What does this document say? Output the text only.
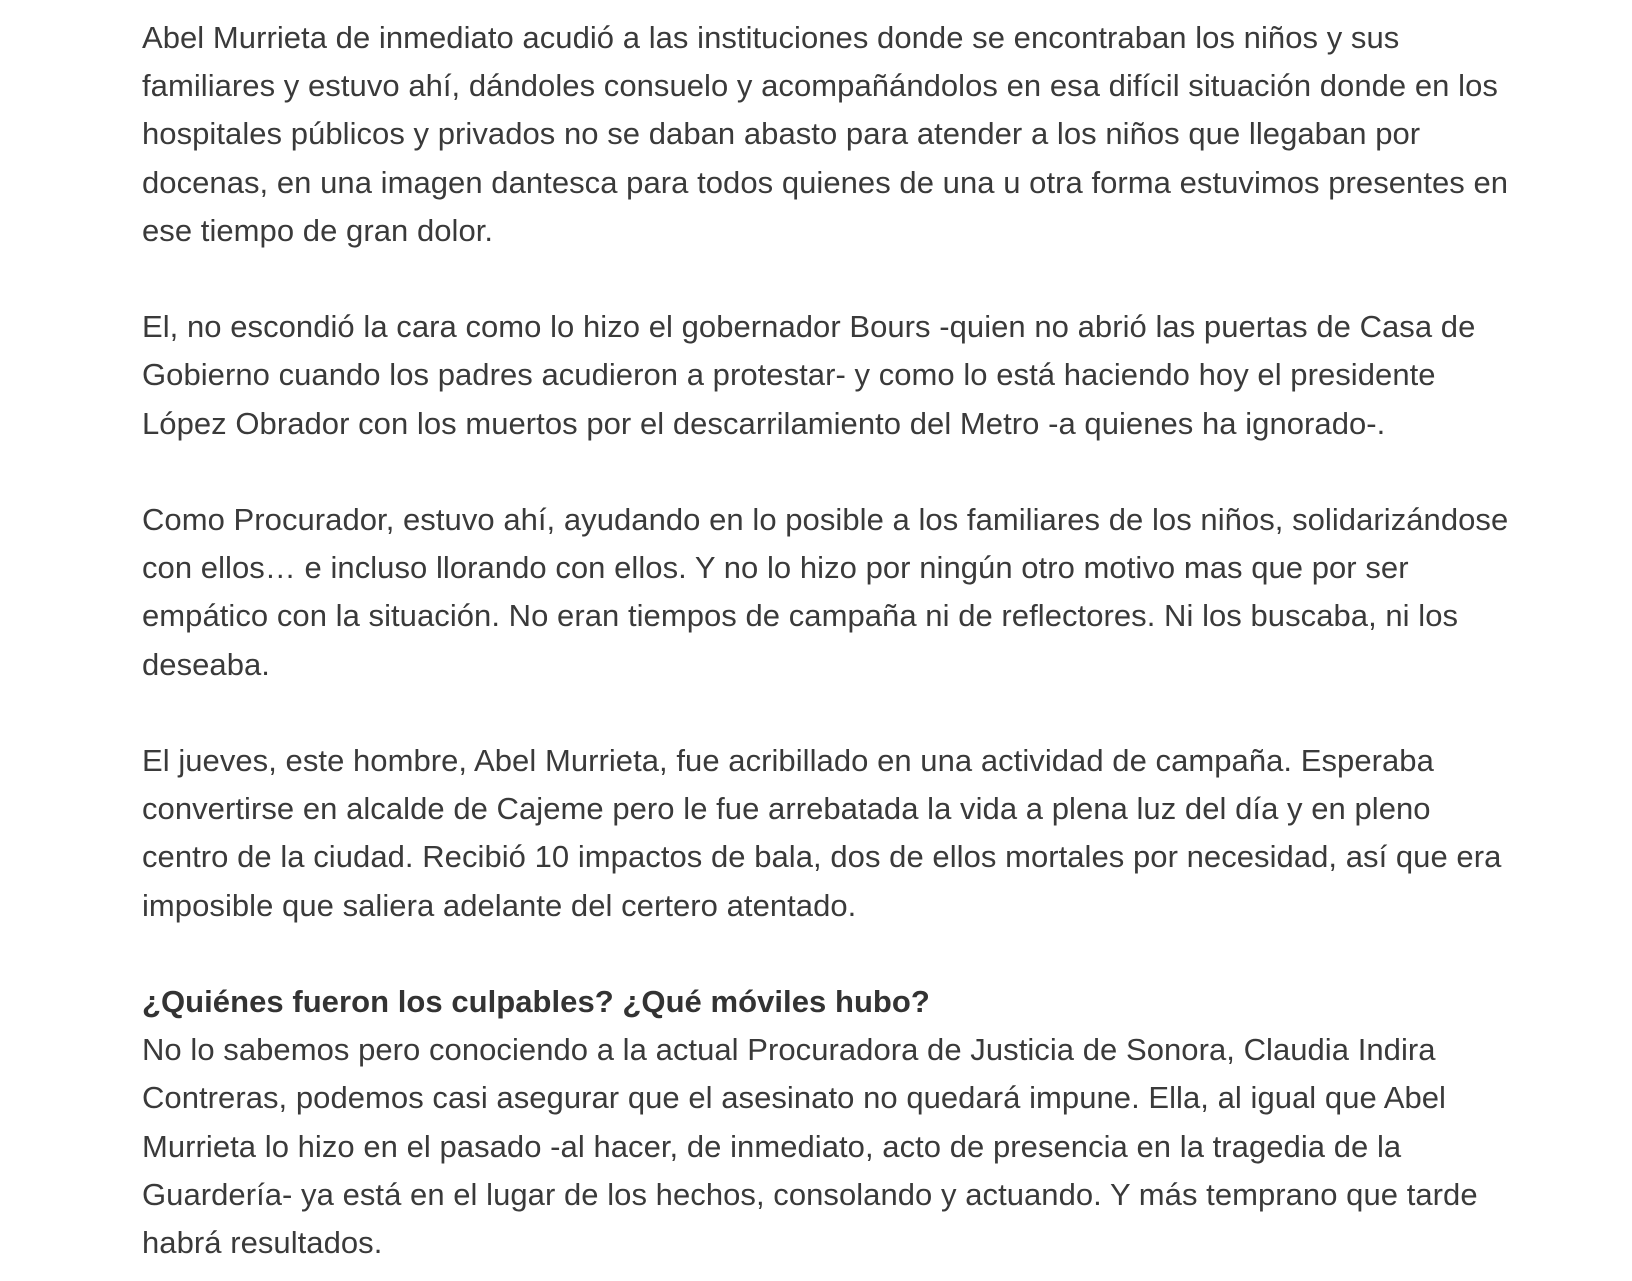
Abel Murrieta de inmediato acudió a las instituciones donde se encontraban los niños y sus familiares y estuvo ahí, dándoles consuelo y acompañándolos en esa difícil situación donde en los hospitales públicos y privados no se daban abasto para atender a los niños que llegaban por docenas, en una imagen dantesca para todos quienes de una u otra forma estuvimos presentes en ese tiempo de gran dolor.

El, no escondió la cara como lo hizo el gobernador Bours -quien no abrió las puertas de Casa de Gobierno cuando los padres acudieron a protestar- y como lo está haciendo hoy el presidente López Obrador con los muertos por el descarrilamiento del Metro -a quienes ha ignorado-.

Como Procurador, estuvo ahí, ayudando en lo posible a los familiares de los niños, solidarizándose con ellos… e incluso llorando con ellos. Y no lo hizo por ningún otro motivo mas que por ser empático con la situación. No eran tiempos de campaña ni de reflectores. Ni los buscaba, ni los deseaba.

El jueves, este hombre, Abel Murrieta, fue acribillado en una actividad de campaña. Esperaba convertirse en alcalde de Cajeme pero le fue arrebatada la vida a plena luz del día y en pleno centro de la ciudad. Recibió 10 impactos de bala, dos de ellos mortales por necesidad, así que era imposible que saliera adelante del certero atentado.

¿Quiénes fueron los culpables? ¿Qué móviles hubo?

No lo sabemos pero conociendo a la actual Procuradora de Justicia de Sonora, Claudia Indira Contreras, podemos casi asegurar que el asesinato no quedará impune. Ella, al igual que Abel Murrieta lo hizo en el pasado -al hacer, de inmediato, acto de presencia en la tragedia de la Guardería- ya está en el lugar de los hechos, consolando y actuando. Y más temprano que tarde habrá resultados.
